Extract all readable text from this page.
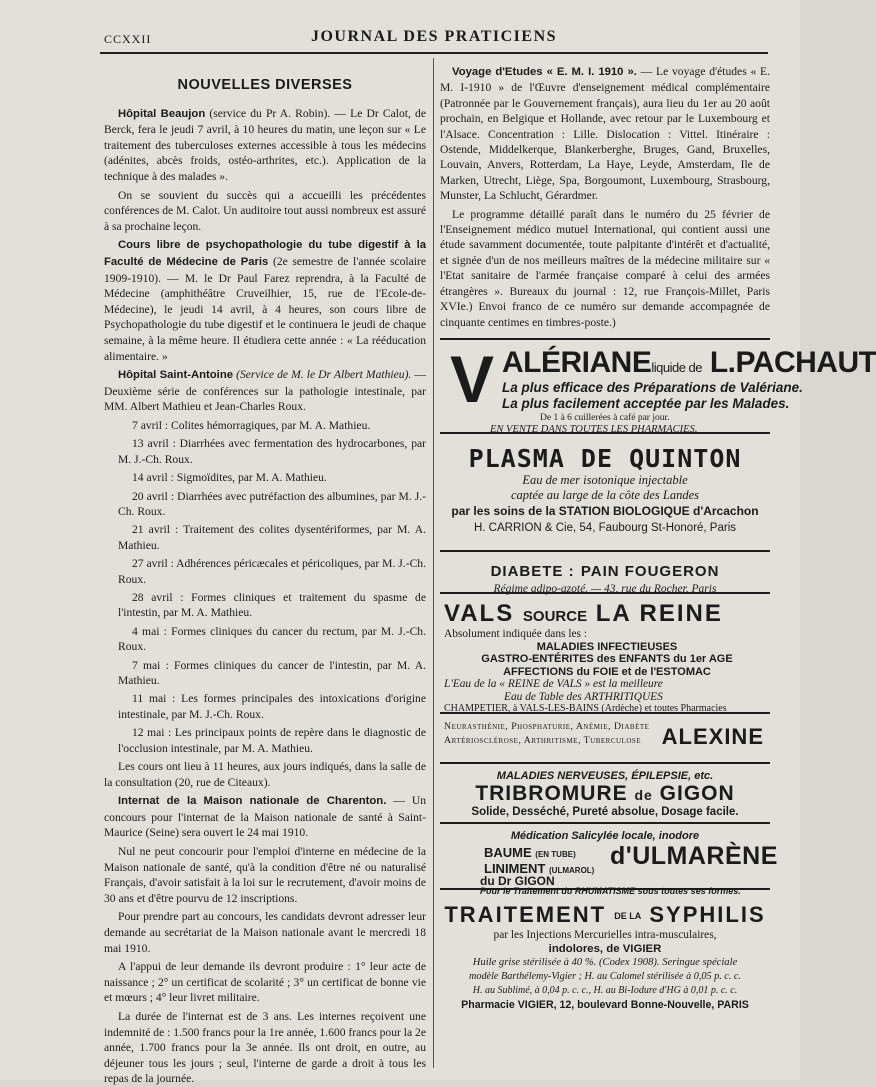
CCXXII	JOURNAL DES PRATICIENS
NOUVELLES DIVERSES

Hôpital Beaujon (service du Pr A. Robin). — Le Dr Calot, de Berck, fera le jeudi 7 avril, à 10 heures du matin, une leçon sur « Le traitement des tuberculoses externes accessible à tous les médecins (adénites, abcès froids, ostéo-arthrites, etc.). Application de la technique à des malades ».

On se souvient du succès qui a accueilli les précédentes conférences de M. Calot. Un auditoire tout aussi nombreux est assuré à sa prochaine leçon.

Cours libre de psychopathologie du tube digestif à la Faculté de Médecine de Paris (2e semestre de l'année scolaire 1909-1910). — M. le Dr Paul Farez reprendra, à la Faculté de Médecine (amphithéâtre Cruveilhier, 15, rue de l'Ecole-de-Médecine), le jeudi 14 avril, à 4 heures, son cours libre de Psychopathologie du tube digestif et le continuera le jeudi de chaque semaine, à la même heure. Il étudiera cette année : « La rééducation alimentaire. »

Hôpital Saint-Antoine (Service de M. le Dr Albert Mathieu). — Deuxième série de conférences sur la pathologie intestinale, par MM. Albert Mathieu et Jean-Charles Roux.

7 avril : Colites hémorragiques, par M. A. Mathieu.

13 avril : Diarrhées avec fermentation des hydrocarbones, par M. J.-Ch. Roux.

14 avril : Sigmoïdites, par M. A. Mathieu.

20 avril : Diarrhées avec putréfaction des albumines, par M. J.-Ch. Roux.

21 avril : Traitement des colites dysentériformes, par M. A. Mathieu.

27 avril : Adhérences péricæcales et péricoliques, par M. J.-Ch. Roux.

28 avril : Formes cliniques et traitement du spasme de l'intestin, par M. A. Mathieu.

4 mai : Formes cliniques du cancer du rectum, par M. J.-Ch. Roux.

7 mai : Formes cliniques du cancer de l'intestin, par M. A. Mathieu.

11 mai : Les formes principales des intoxications d'origine intestinale, par M. J.-Ch. Roux.

12 mai : Les principaux points de repère dans le diagnostic de l'occlusion intestinale, par M. A. Mathieu.

Les cours ont lieu à 11 heures, aux jours indiqués, dans la salle de la consultation (20, rue de Citeaux).

Internat de la Maison nationale de Charenton. — Un concours pour l'internat de la Maison nationale de santé à Saint-Maurice (Seine) sera ouvert le 24 mai 1910.

Nul ne peut concourir pour l'emploi d'interne en médecine de la Maison nationale de santé, qu'à la condition d'être né ou naturalisé Français, d'avoir satisfait à la loi sur le recrutement, d'avoir moins de 30 ans et d'être pourvu de 12 inscriptions.

Pour prendre part au concours, les candidats devront adresser leur demande au secrétariat de la Maison nationale avant le mercredi 18 mai 1910.

A l'appui de leur demande ils devront produire : 1° leur acte de naissance ; 2° un certificat de scolarité ; 3° un certificat de bonne vie et mœurs ; 4° leur livret militaire.

La durée de l'internat est de 3 ans. Les internes reçoivent une indemnité de : 1.500 francs pour la 1re année, 1.600 francs pour la 2e année, 1.700 francs pour la 3e année. Ils ont droit, en outre, au déjeuner tous les jours ; seul, l'interne de garde a droit à tous les repas de la journée.

Voyage d'Etudes « E. M. I. 1910 ». — Le voyage d'études « E. M. I-1910 » de l'Œuvre d'enseignement médical complémentaire (Patronnée par le Gouvernement français), aura lieu du 1er au 20 août prochain, en Belgique et Hollande, avec retour par le Luxembourg et l'Alsace. Concentration : Lille. Dislocation : Vittel. Itinéraire : Ostende, Middelkerque, Blankerberghe, Bruges, Gand, Bruxelles, Louvain, Anvers, Rotterdam, La Haye, Leyde, Amsterdam, Ile de Marken, Utrecht, Liège, Spa, Borgoumont, Luxembourg, Strasbourg, Munster, La Schlucht, Gérardmer.

Le programme détaillé paraît dans le numéro du 25 février de l'Enseignement médico mutuel International, qui contient aussi une étude savamment documentée, toute palpitante d'intérêt et d'actualité, et signée d'un de nos meilleurs maîtres de la médecine militaire sur « l'Etat sanitaire de l'armée française comparé à celui des armées étrangères ». Bureaux du journal : 12, rue François-Millet, Paris XVIe.) Envoi franco de ce numéro sur demande accompagnée de cinquante centimes en timbres-poste.)

V ALÉRIANEliquide de L.PACHAUT
La plus efficace des Préparations de Valériane.
La plus facilement acceptée par les Malades.
De 1 à 6 cuillerées à café par jour.
EN VENTE DANS TOUTES LES PHARMACIES.
PLASMA DE QUINTON
Eau de mer isotonique injectable
captée au large de la côte des Landes
par les soins de la STATION BIOLOGIQUE d'Arcachon
H. CARRION & Cie, 54, Faubourg St-Honoré, Paris
DIABETE : PAIN FOUGERON
Régime adipo-azoté. — 43, rue du Rocher, Paris
VALS SOURCE LA REINE
Absolument indiquée dans les :
MALADIES INFECTIEUSES
GASTRO-ENTÉRITES des ENFANTS du 1er AGE
AFFECTIONS du FOIE et de l'ESTOMAC
L'Eau de la « REINE de VALS » est la meilleure
Eau de Table des ARTHRITIQUES
CHAMPETIER, à VALS-LES-BAINS (Ardèche) et toutes Pharmacies
Neurasthénie, Phosphaturie, Anémie, Diabète
Artériosclérose, Arthritisme, Tuberculose ALEXINE
MALADIES NERVEUSES, ÉPILEPSIE, etc.
TRIBROMURE de GIGON
Solide, Desséché, Pureté absolue, Dosage facile.
Médication Salicylée locale, inodore
BAUME (EN TUBE)
LINIMENT (ULMAROL)
d'ULMARÈNE
du Dr GIGON
Pour le Traitement du RHUMATISME sous toutes ses formes.
TRAITEMENT DE LA SYPHILIS
par les Injections Mercurielles intra-musculaires,
indolores, de VIGIER
Huile grise stérilisée à 40 %. (Codex 1908). Seringue spéciale
modèle Barthélemy-Vigier ; H. au Calomel stérilisée à 0,05 p. c. c.
H. au Sublimé, à 0,04 p. c. c., H. au Bi-Iodure d'HG à 0,01 p. c. c.
Pharmacie VIGIER, 12, boulevard Bonne-Nouvelle, PARIS
